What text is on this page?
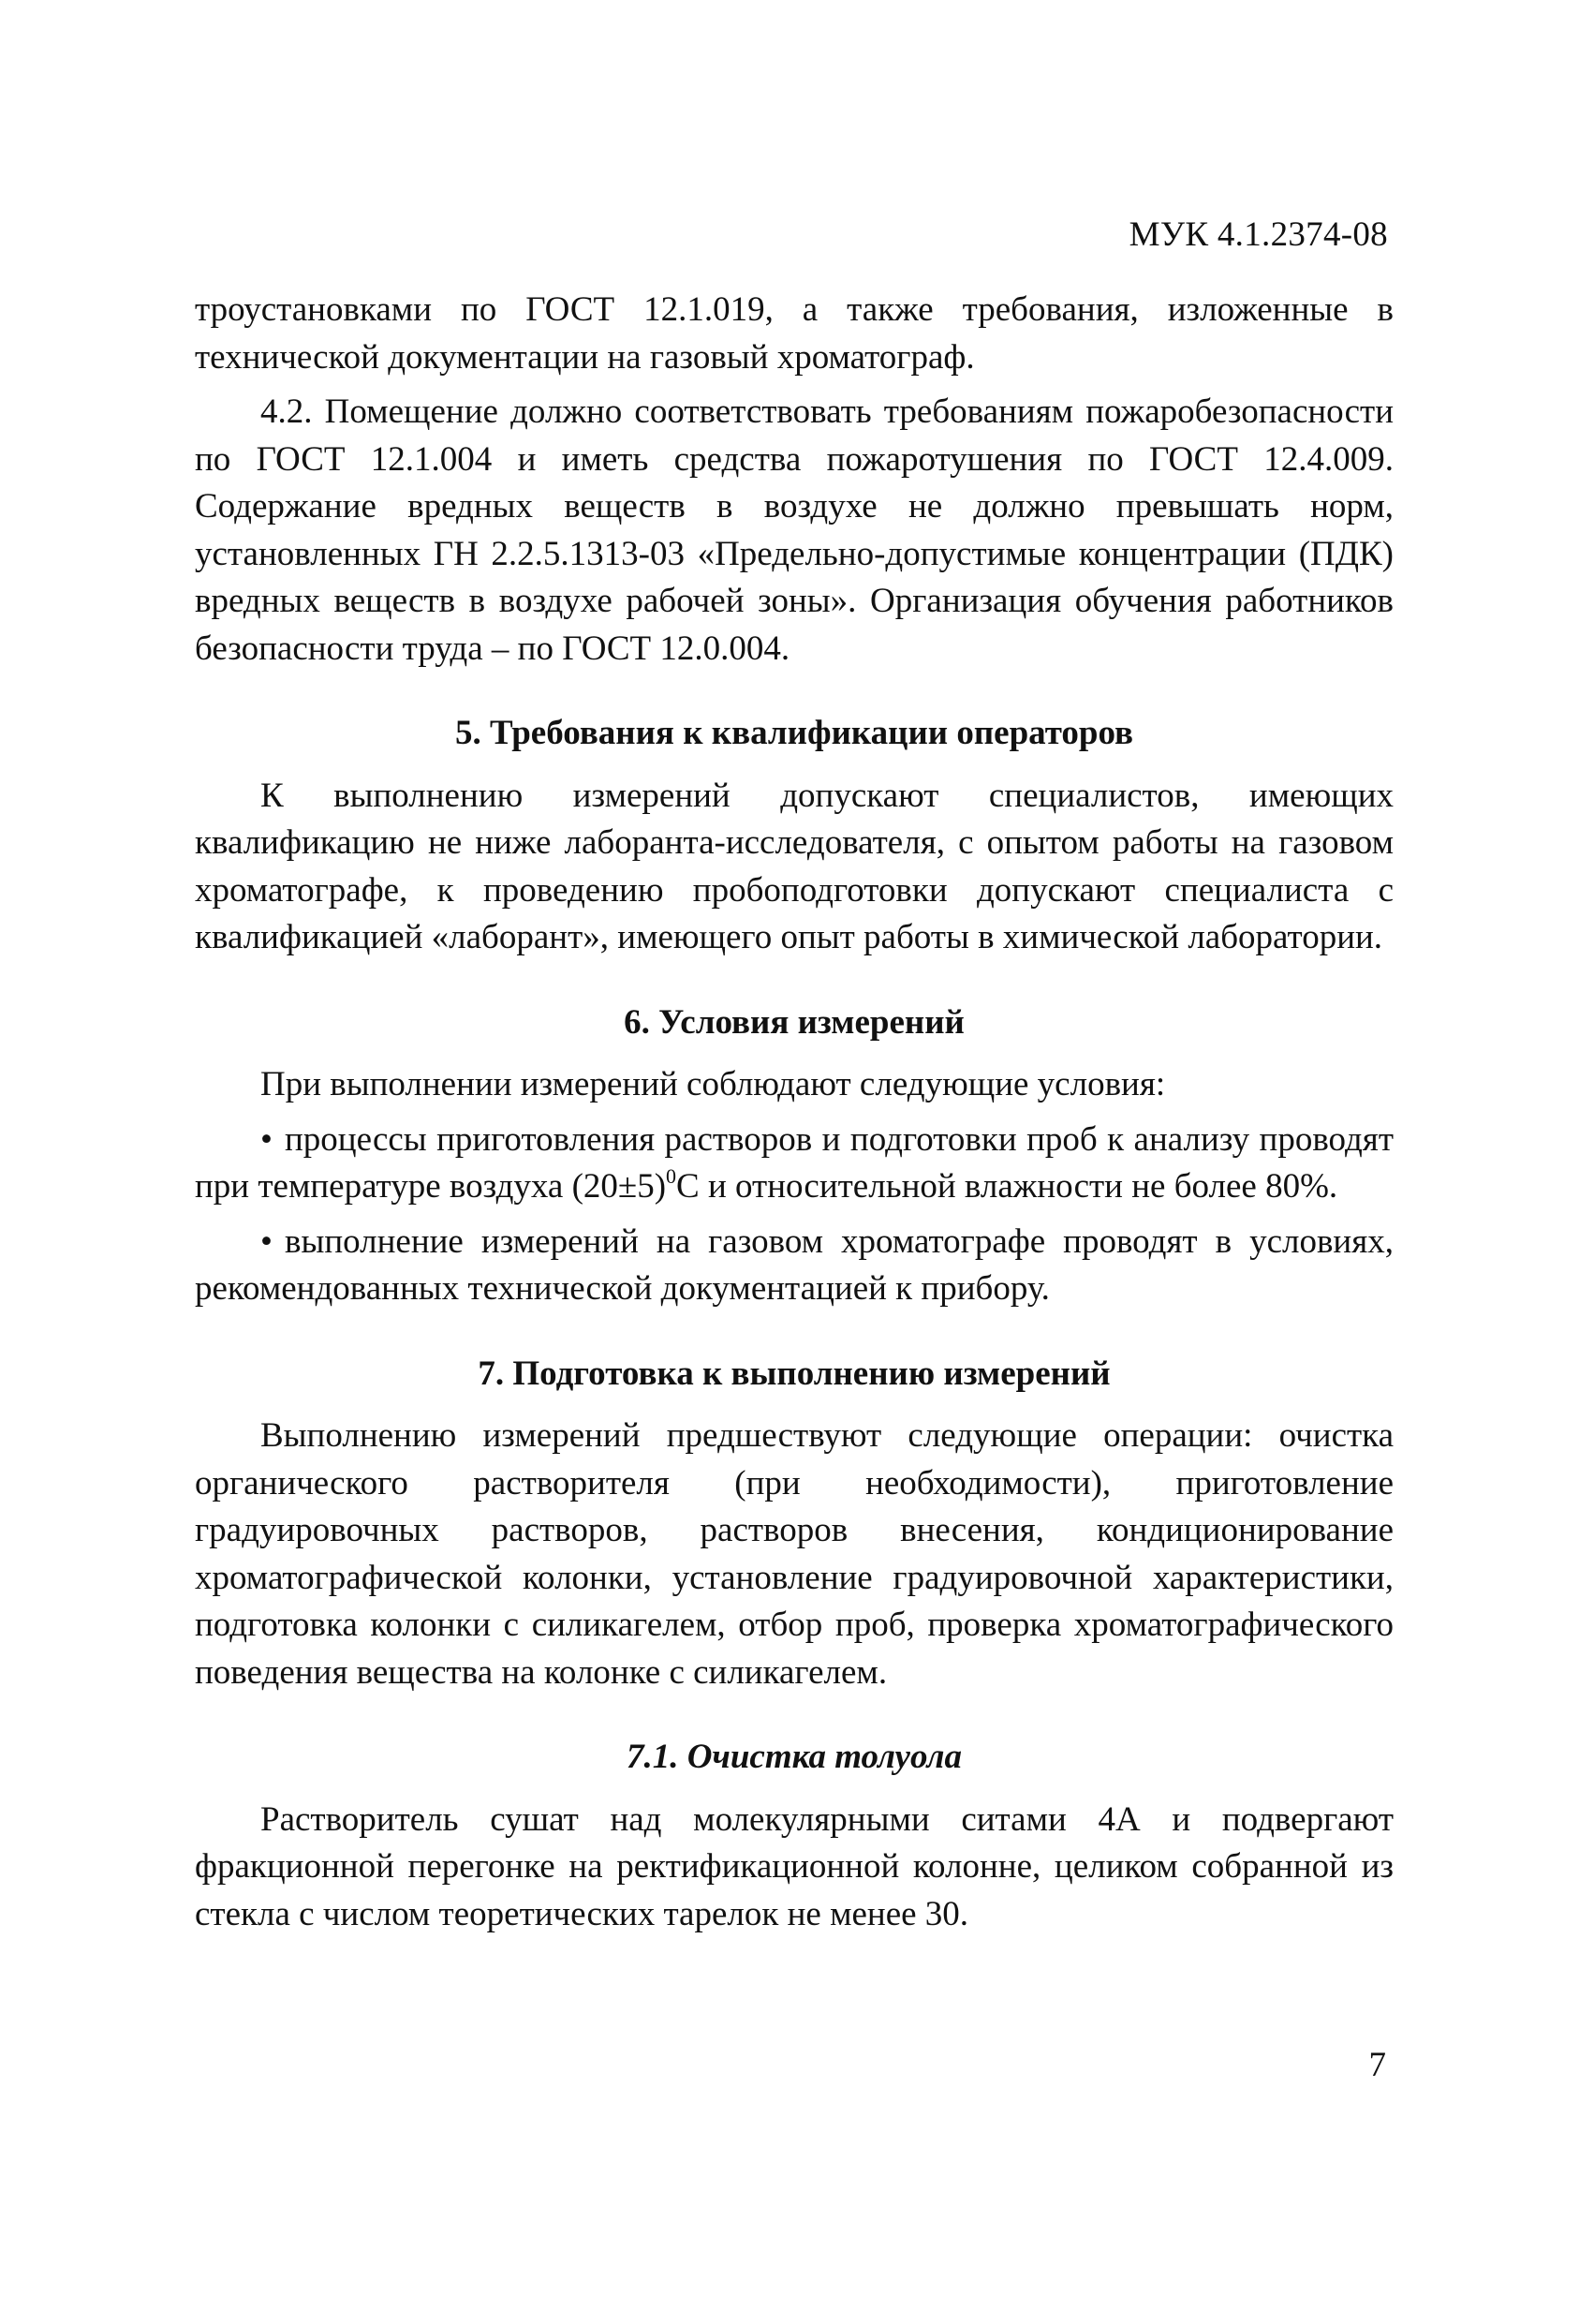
МУК 4.1.2374-08

троустановками по ГОСТ 12.1.019, а также требования, изложенные в технической документации на газовый хроматограф.

4.2. Помещение должно соответствовать требованиям пожаробезопасности по ГОСТ 12.1.004 и иметь средства пожаротушения по ГОСТ 12.4.009. Содержание вредных веществ в воздухе не должно превышать норм, установленных ГН 2.2.5.1313-03 «Предельно-допустимые концентрации (ПДК) вредных веществ в воздухе рабочей зоны». Организация обучения работников безопасности труда – по ГОСТ 12.0.004.

5. Требования к квалификации операторов

К выполнению измерений допускают специалистов, имеющих квалификацию не ниже лаборанта-исследователя, с опытом работы на газовом хроматографе, к проведению пробоподготовки допускают специалиста с квалификацией «лаборант», имеющего опыт работы в химической лаборатории.

6. Условия измерений

При выполнении измерений соблюдают следующие условия:

• процессы приготовления растворов и подготовки проб к анализу проводят при температуре воздуха $(20\pm 5)^0С$ и относительной влажности не более 80%.

• выполнение измерений на газовом хроматографе проводят в условиях, рекомендованных технической документацией к прибору.

7. Подготовка к выполнению измерений

Выполнению измерений предшествуют следующие операции: очистка органического растворителя (при необходимости), приготовление градуировочных растворов, растворов внесения, кондиционирование хроматографической колонки, установление градуировочной характеристики, подготовка колонки с силикагелем, отбор проб, проверка хроматографического поведения вещества на колонке с силикагелем.

7.1. Очистка толуола

Растворитель сушат над молекулярными ситами 4А и подвергают фракционной перегонке на ректификационной колонне, целиком собранной из стекла с числом теоретических тарелок не менее 30.

7
